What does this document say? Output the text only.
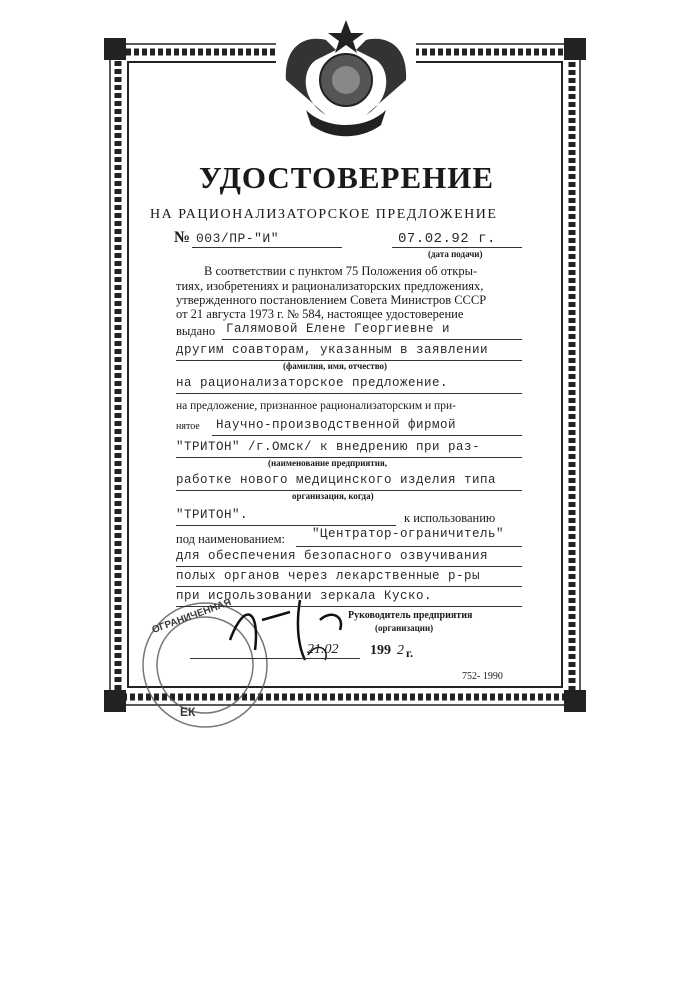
УДОСТОВЕРЕНИЕ
НА РАЦИОНАЛИЗАТОРСКОЕ ПРЕДЛОЖЕНИЕ
№ 003/ПР-"И"	07.02.92 г.
(дата подачи)
В соответствии с пунктом 75 Положения об откры-
тиях, изобретениях и рационализаторских предложениях,
утвержденного постановлением Совета Министров СССР
от 21 августа 1973 г. № 584, настоящее удостоверение
выдано Галямовой Елене Георгиевне и
другим соавторам, указанным в заявлении
(фамилия, имя, отчество)
на рационализаторское предложение.
на предложение, признанное рационализаторским и при-
нятое Научно-производственной фирмой
"ТРИТОН" /г.Омск/ к внедрению при раз-
(наименование предприятия,
работке нового медицинского изделия типа
организация, когда)
"ТРИТОН".	к использованию
под наименованием: "Центратор-ограничитель"
для обеспечения безопасного озвучивания
полых органов через лекарственные р-ры
при использовании зеркала Куско.
Руководитель предприятия
(организации)
21.02 199 2 г.
752- 1990
ОГРАНИЧЕННАЯ
ЕК
